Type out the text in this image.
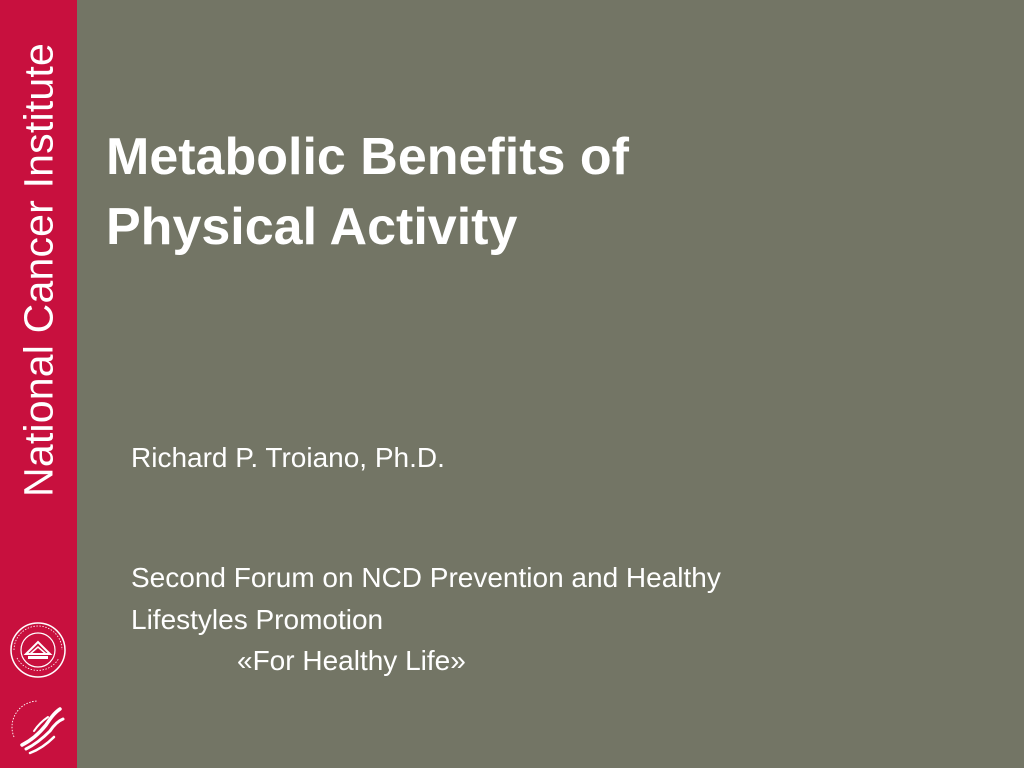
National Cancer Institute Metabolic Benefits of
Physical Activity

Richard P. Troiano, Ph.D.

Second Forum on NCD Prevention and Healthy

Lifestyles Promotion

«For Healthy Life»
